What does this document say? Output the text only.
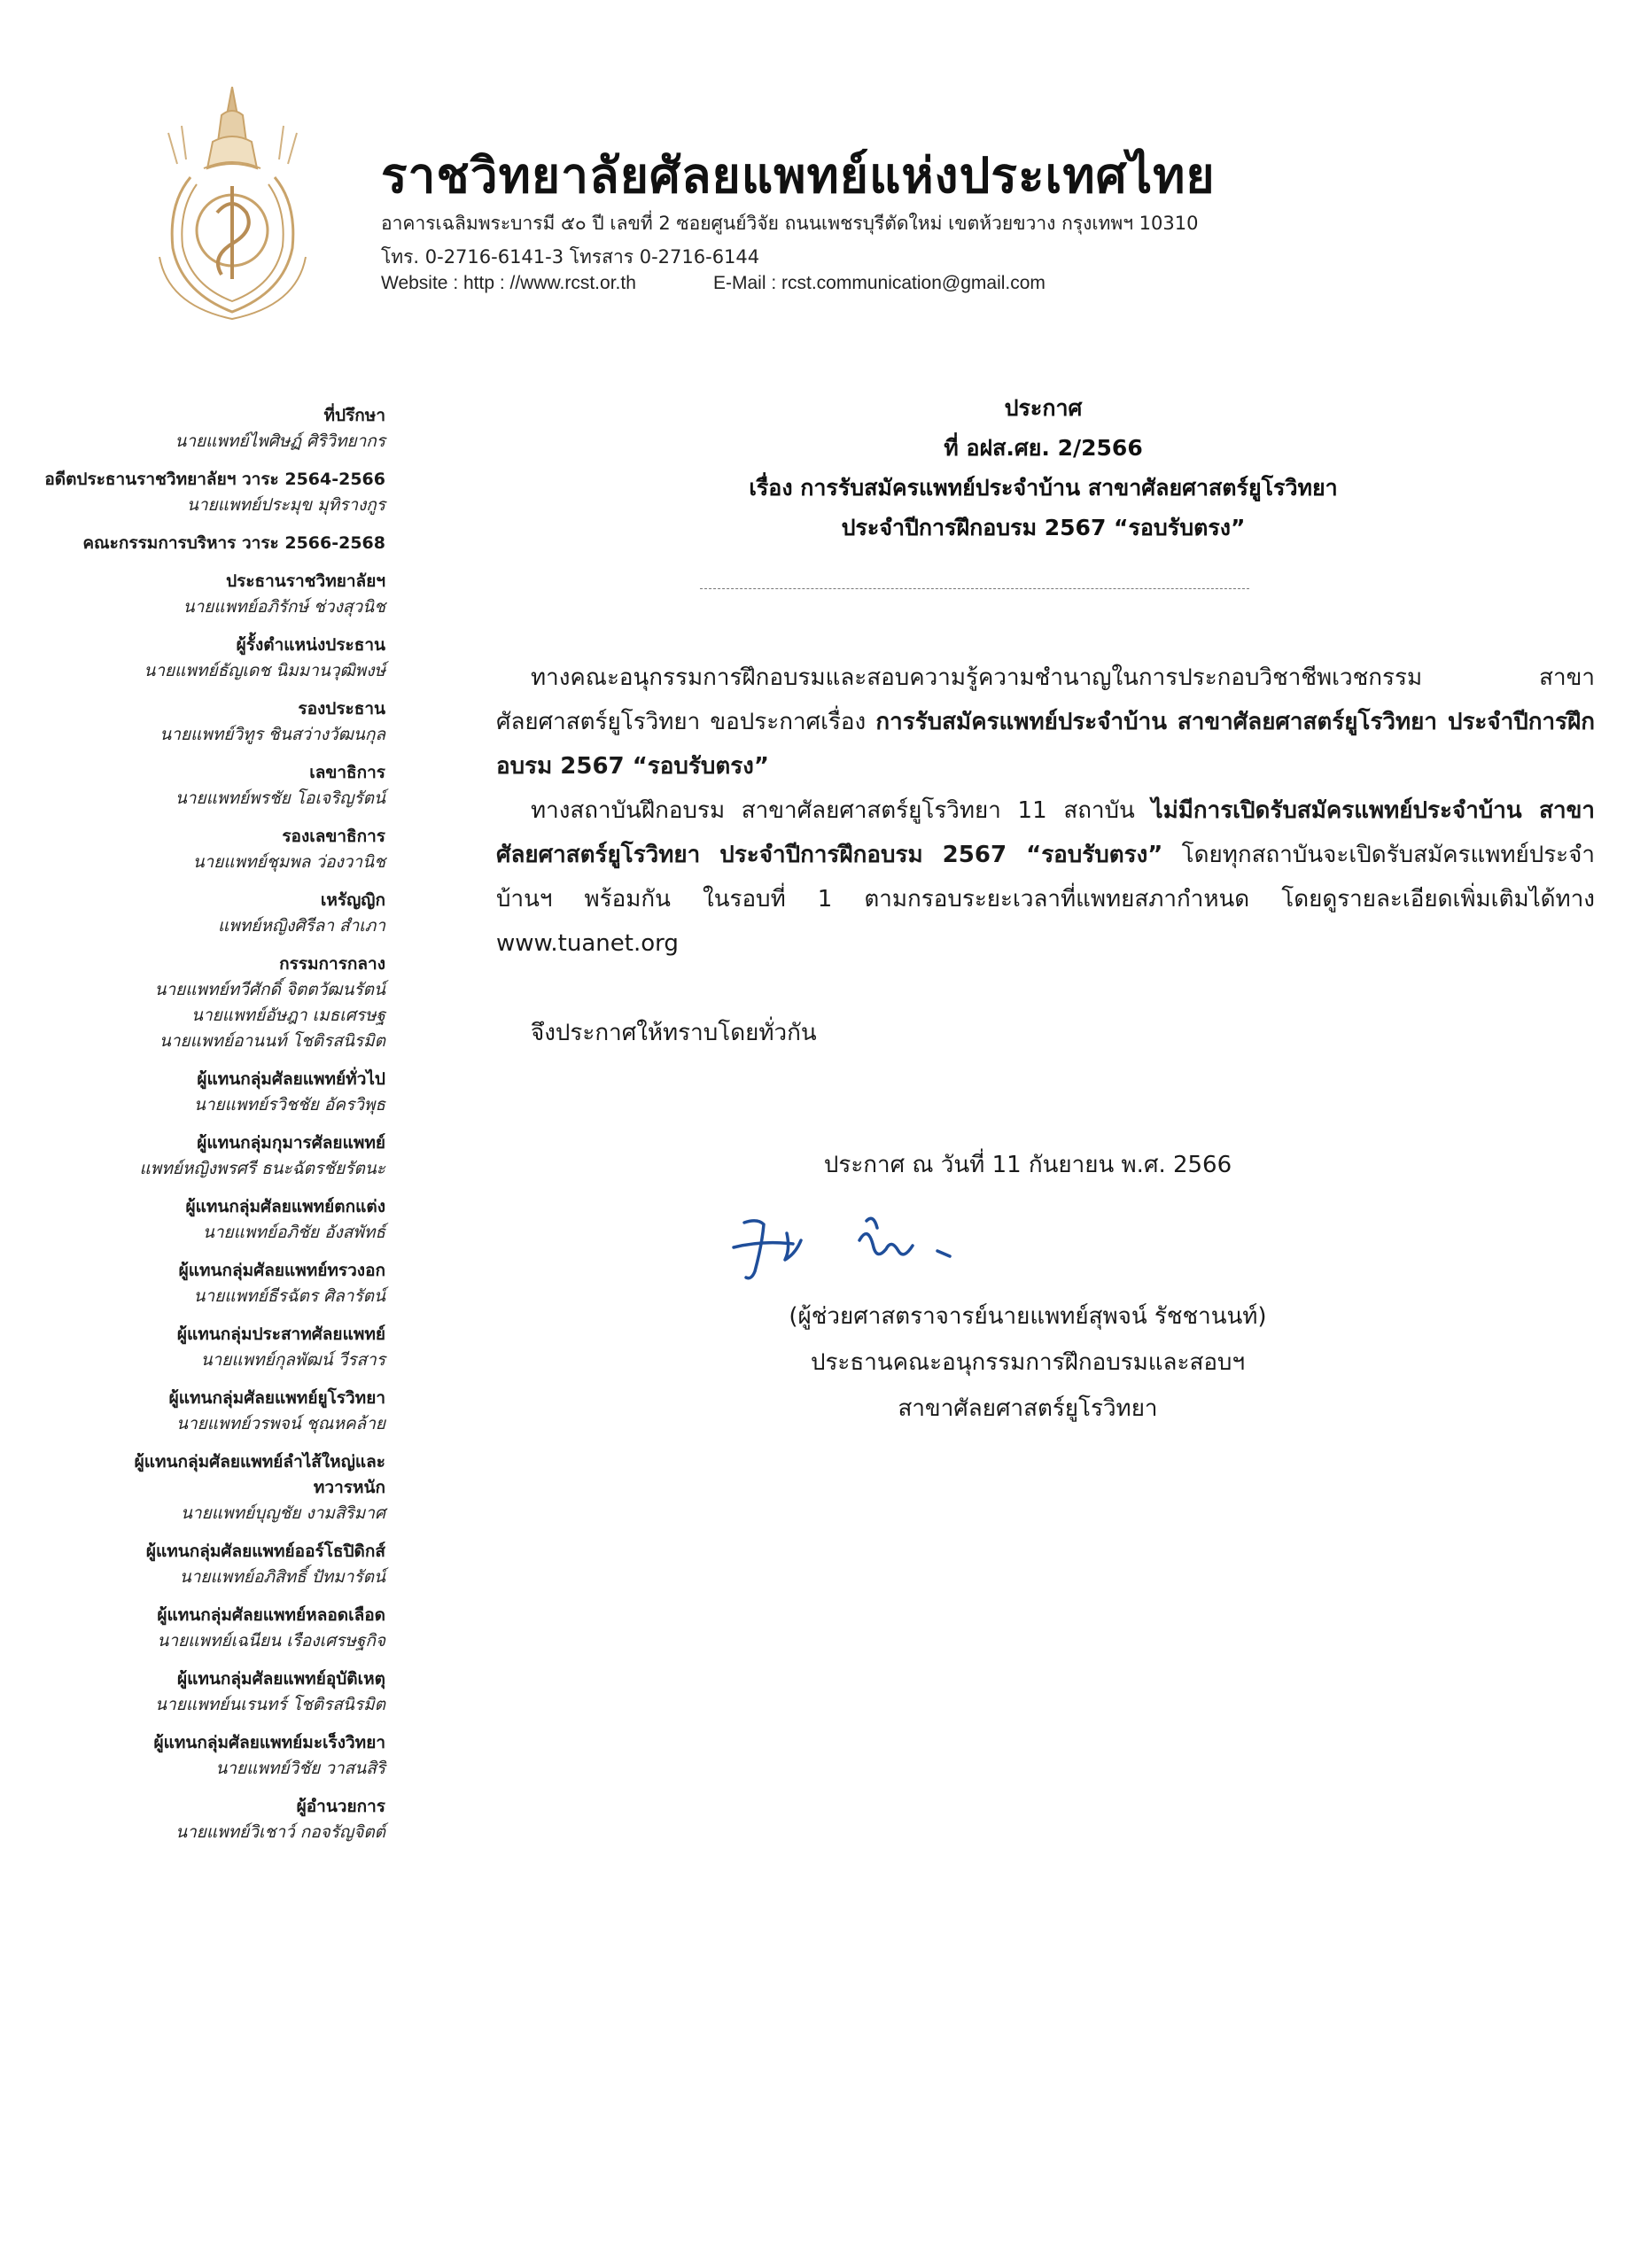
ราชวิทยาลัยศัลยแพทย์แห่งประเทศไทย
อาคารเฉลิมพระบารมี ๕๐ ปี เลขที่ 2 ซอยศูนย์วิจัย ถนนเพชรบุรีตัดใหม่ เขตห้วยขวาง กรุงเทพฯ 10310
โทร. 0-2716-6141-3 โทรสาร 0-2716-6144
Website : http : //www.rcst.or.th	E-Mail : rcst.communication@gmail.com
ที่ปรึกษา
นายแพทย์ไพศิษฏ์ ศิริวิทยากร
อดีตประธานราชวิทยาลัยฯ วาระ 2564-2566
นายแพทย์ประมุข มุทิรางกูร
คณะกรรมการบริหาร วาระ 2566-2568
ประธานราชวิทยาลัยฯ
นายแพทย์อภิรักษ์ ช่วงสุวนิช
ผู้รั้งตำแหน่งประธาน
นายแพทย์ธัญเดช นิมมานวุฒิพงษ์
รองประธาน
นายแพทย์วิทูร ชินสว่างวัฒนกุล
เลขาธิการ
นายแพทย์พรชัย โอเจริญรัตน์
รองเลขาธิการ
นายแพทย์ชุมพล ว่องวานิช
เหรัญญิก
แพทย์หญิงศิรีลา สำเภา
กรรมการกลาง
นายแพทย์ทวีศักดิ์ จิตตวัฒนรัตน์
นายแพทย์อัษฎา เมธเศรษฐ
นายแพทย์อานนท์ โชติรสนิรมิต
ผู้แทนกลุ่มศัลยแพทย์ทั่วไป
นายแพทย์รวิชชัย อัครวิพุธ
ผู้แทนกลุ่มกุมารศัลยแพทย์
แพทย์หญิงพรศรี ธนะฉัตรชัยรัตนะ
ผู้แทนกลุ่มศัลยแพทย์ตกแต่ง
นายแพทย์อภิชัย อังสพัทธ์
ผู้แทนกลุ่มศัลยแพทย์ทรวงอก
นายแพทย์ธีรฉัตร ศิลารัตน์
ผู้แทนกลุ่มประสาทศัลยแพทย์
นายแพทย์กุลพัฒน์ วีรสาร
ผู้แทนกลุ่มศัลยแพทย์ยูโรวิทยา
นายแพทย์วรพจน์ ชุณหคล้าย
ผู้แทนกลุ่มศัลยแพทย์ลำไส้ใหญ่และ
ทวารหนัก
นายแพทย์บุญชัย งามสิริมาศ
ผู้แทนกลุ่มศัลยแพทย์ออร์โธปิดิกส์
นายแพทย์อภิสิทธิ์ ปัทมารัตน์
ผู้แทนกลุ่มศัลยแพทย์หลอดเลือด
นายแพทย์เฉนียน เรืองเศรษฐกิจ
ผู้แทนกลุ่มศัลยแพทย์อุบัติเหตุ
นายแพทย์นเรนทร์ โชติรสนิรมิต
ผู้แทนกลุ่มศัลยแพทย์มะเร็งวิทยา
นายแพทย์วิชัย วาสนสิริ
ผู้อำนวยการ
นายแพทย์วิเชาว์ กอจรัญจิตต์
ประกาศ
ที่ อฝส.ศย. 2/2566
เรื่อง การรับสมัครแพทย์ประจำบ้าน สาขาศัลยศาสตร์ยูโรวิทยา
ประจำปีการฝึกอบรม 2567 “รอบรับตรง”

ทางคณะอนุกรรมการฝึกอบรมและสอบความรู้ความชำนาญในการประกอบวิชาชีพเวชกรรม สาขาศัลยศาสตร์ยูโรวิทยา ขอประกาศเรื่อง การรับสมัครแพทย์ประจำบ้าน สาขาศัลยศาสตร์ยูโรวิทยา ประจำปีการฝึกอบรม 2567 “รอบรับตรง”

ทางสถาบันฝึกอบรม สาขาศัลยศาสตร์ยูโรวิทยา 11 สถาบัน ไม่มีการเปิดรับสมัครแพทย์ประจำบ้าน สาขาศัลยศาสตร์ยูโรวิทยา ประจำปีการฝึกอบรม 2567 “รอบรับตรง” โดยทุกสถาบันจะเปิดรับสมัครแพทย์ประจำบ้านฯ พร้อมกัน ในรอบที่ 1 ตามกรอบระยะเวลาที่แพทยสภากำหนด โดยดูรายละเอียดเพิ่มเติมได้ทาง www.tuanet.org

จึงประกาศให้ทราบโดยทั่วกัน
ประกาศ ณ วันที่ 11 กันยายน พ.ศ. 2566
(ผู้ช่วยศาสตราจารย์นายแพทย์สุพจน์ รัชชานนท์)
ประธานคณะอนุกรรมการฝึกอบรมและสอบฯ
สาขาศัลยศาสตร์ยูโรวิทยา
